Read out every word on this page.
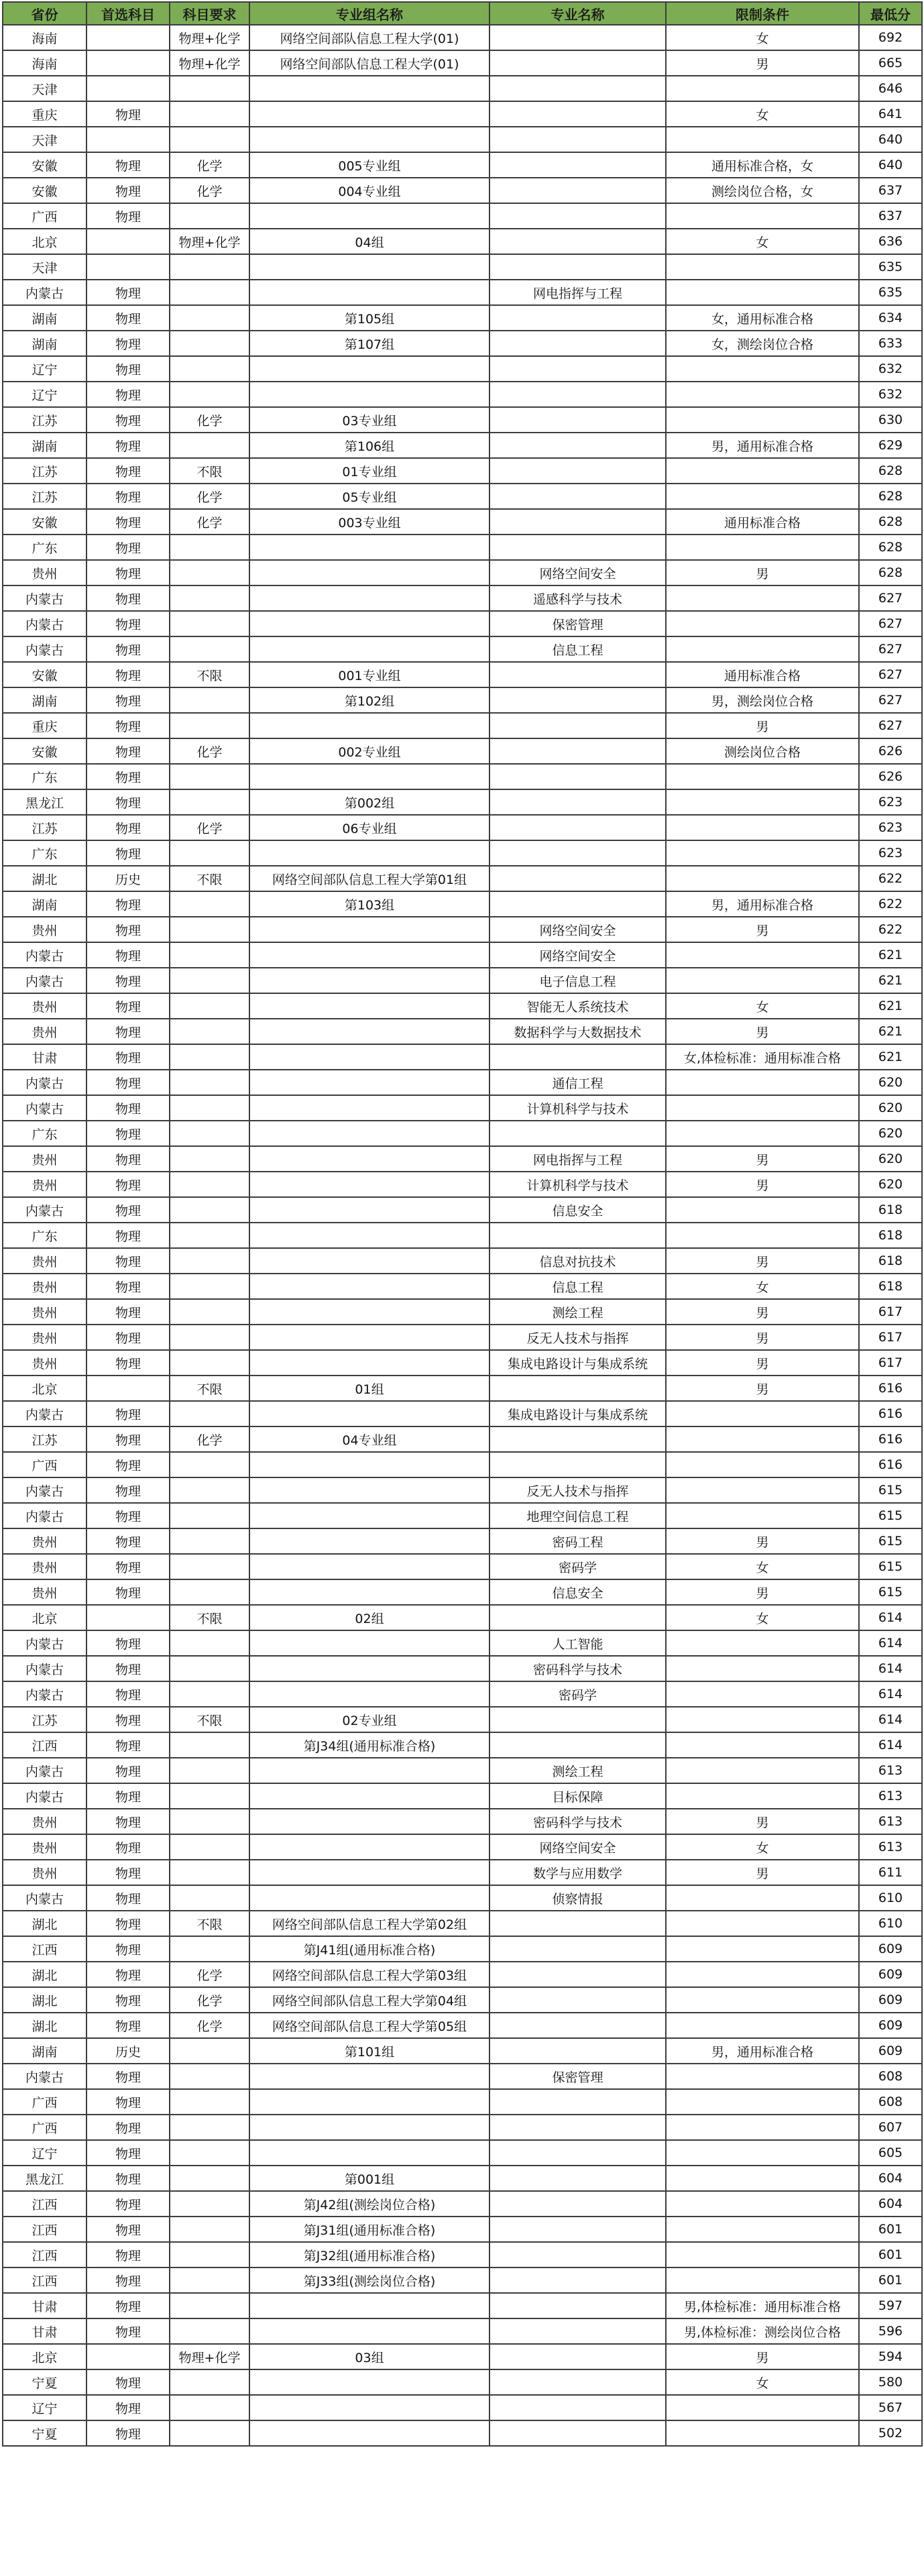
省份	首选科目	科目要求	专业组名称	专业名称	限制条件	最低分
海南		物理+化学	网络空间部队信息工程大学(01)		女	692
海南		物理+化学	网络空间部队信息工程大学(01)		男	665
天津						646
重庆	物理				女	641
天津						640
安徽	物理	化学	005专业组		通用标准合格，女	640
安徽	物理	化学	004专业组		测绘岗位合格，女	637
广西	物理					637
北京		物理+化学	04组		女	636
天津						635
内蒙古	物理			网电指挥与工程		635
湖南	物理		第105组		女，通用标准合格	634
湖南	物理		第107组		女，测绘岗位合格	633
辽宁	物理					632
辽宁	物理					632
江苏	物理	化学	03专业组			630
湖南	物理		第106组		男，通用标准合格	629
江苏	物理	不限	01专业组			628
江苏	物理	化学	05专业组			628
安徽	物理	化学	003专业组		通用标准合格	628
广东	物理					628
贵州	物理			网络空间安全	男	628
内蒙古	物理			遥感科学与技术		627
内蒙古	物理			保密管理		627
内蒙古	物理			信息工程		627
安徽	物理	不限	001专业组		通用标准合格	627
湖南	物理		第102组		男，测绘岗位合格	627
重庆	物理				男	627
安徽	物理	化学	002专业组		测绘岗位合格	626
广东	物理					626
黑龙江	物理		第002组			623
江苏	物理	化学	06专业组			623
广东	物理					623
湖北	历史	不限	网络空间部队信息工程大学第01组			622
湖南	物理		第103组		男，通用标准合格	622
贵州	物理			网络空间安全	男	622
内蒙古	物理			网络空间安全		621
内蒙古	物理			电子信息工程		621
贵州	物理			智能无人系统技术	女	621
贵州	物理			数据科学与大数据技术	男	621
甘肃	物理				女,体检标准：通用标准合格	621
内蒙古	物理			通信工程		620
内蒙古	物理			计算机科学与技术		620
广东	物理					620
贵州	物理			网电指挥与工程	男	620
贵州	物理			计算机科学与技术	男	620
内蒙古	物理			信息安全		618
广东	物理					618
贵州	物理			信息对抗技术	男	618
贵州	物理			信息工程	女	618
贵州	物理			测绘工程	男	617
贵州	物理			反无人技术与指挥	男	617
贵州	物理			集成电路设计与集成系统	男	617
北京		不限	01组		男	616
内蒙古	物理			集成电路设计与集成系统		616
江苏	物理	化学	04专业组			616
广西	物理					616
内蒙古	物理			反无人技术与指挥		615
内蒙古	物理			地理空间信息工程		615
贵州	物理			密码工程	男	615
贵州	物理			密码学	女	615
贵州	物理			信息安全	男	615
北京		不限	02组		女	614
内蒙古	物理			人工智能		614
内蒙古	物理			密码科学与技术		614
内蒙古	物理			密码学		614
江苏	物理	不限	02专业组			614
江西	物理		第J34组(通用标准合格)			614
内蒙古	物理			测绘工程		613
内蒙古	物理			目标保障		613
贵州	物理			密码科学与技术	男	613
贵州	物理			网络空间安全	女	613
贵州	物理			数学与应用数学	男	611
内蒙古	物理			侦察情报		610
湖北	物理	不限	网络空间部队信息工程大学第02组			610
江西	物理		第J41组(通用标准合格)			609
湖北	物理	化学	网络空间部队信息工程大学第03组			609
湖北	物理	化学	网络空间部队信息工程大学第04组			609
湖北	物理	化学	网络空间部队信息工程大学第05组			609
湖南	历史		第101组		男，通用标准合格	609
内蒙古	物理			保密管理		608
广西	物理					608
广西	物理					607
辽宁	物理					605
黑龙江	物理		第001组			604
江西	物理		第J42组(测绘岗位合格)			604
江西	物理		第J31组(通用标准合格)			601
江西	物理		第J32组(通用标准合格)			601
江西	物理		第J33组(测绘岗位合格)			601
甘肃	物理				男,体检标准：通用标准合格	597
甘肃	物理				男,体检标准：测绘岗位合格	596
北京		物理+化学	03组		男	594
宁夏	物理				女	580
辽宁	物理					567
宁夏	物理					502
